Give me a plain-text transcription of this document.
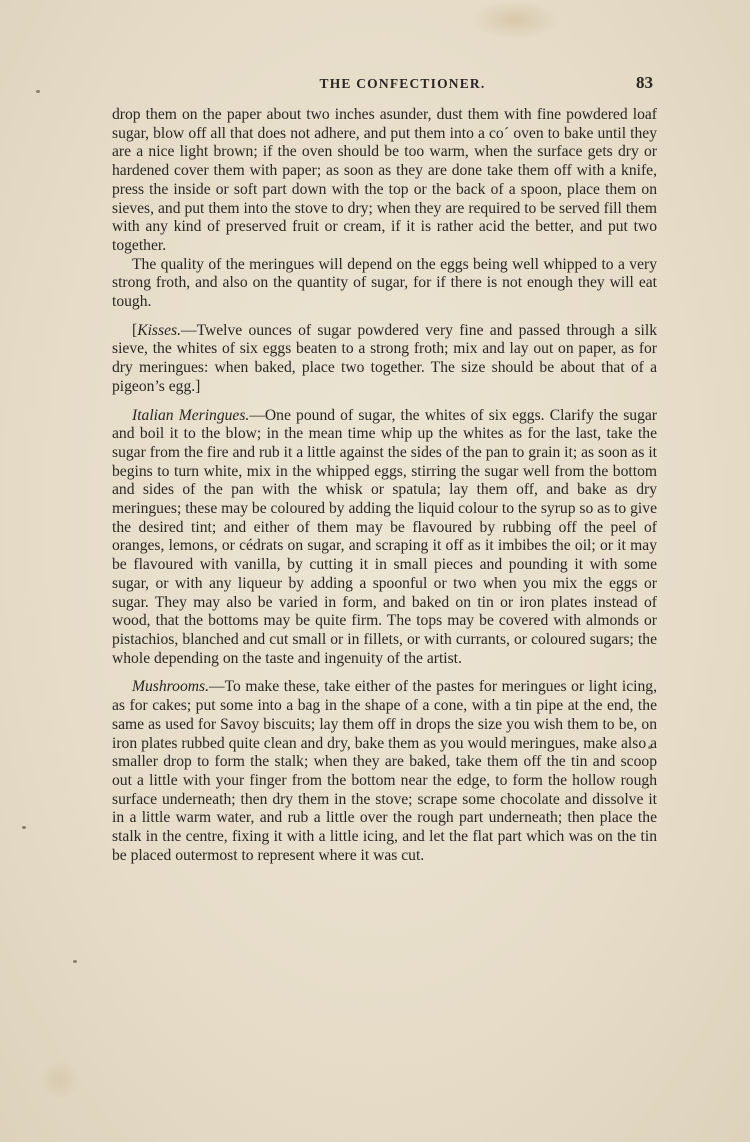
THE CONFECTIONER.	83

drop them on the paper about two inches asunder, dust them with fine powdered loaf sugar, blow off all that does not adhere, and put them into a coˊ oven to bake until they are a nice light brown; if the oven should be too warm, when the surface gets dry or hardened cover them with paper; as soon as they are done take them off with a knife, press the inside or soft part down with the top or the back of a spoon, place them on sieves, and put them into the stove to dry; when they are required to be served fill them with any kind of preserved fruit or cream, if it is rather acid the better, and put two together.

The quality of the meringues will depend on the eggs being well whipped to a very strong froth, and also on the quantity of sugar, for if there is not enough they will eat tough.

[Kisses.—Twelve ounces of sugar powdered very fine and passed through a silk sieve, the whites of six eggs beaten to a strong froth; mix and lay out on paper, as for dry meringues: when baked, place two together. The size should be about that of a pigeon’s egg.]

Italian Meringues.—One pound of sugar, the whites of six eggs. Clarify the sugar and boil it to the blow; in the mean time whip up the whites as for the last, take the sugar from the fire and rub it a little against the sides of the pan to grain it; as soon as it begins to turn white, mix in the whipped eggs, stirring the sugar well from the bottom and sides of the pan with the whisk or spatula; lay them off, and bake as dry meringues; these may be coloured by adding the liquid colour to the syrup so as to give the desired tint; and either of them may be flavoured by rubbing off the peel of oranges, lemons, or cédrats on sugar, and scraping it off as it imbibes the oil; or it may be flavoured with vanilla, by cutting it in small pieces and pounding it with some sugar, or with any liqueur by adding a spoonful or two when you mix the eggs or sugar. They may also be varied in form, and baked on tin or iron plates instead of wood, that the bottoms may be quite firm. The tops may be covered with almonds or pistachios, blanched and cut small or in fillets, or with currants, or coloured sugars; the whole depending on the taste and ingenuity of the artist.

Mushrooms.—To make these, take either of the pastes for meringues or light icing, as for cakes; put some into a bag in the shape of a cone, with a tin pipe at the end, the same as used for Savoy biscuits; lay them off in drops the size you wish them to be, on iron plates rubbed quite clean and dry, bake them as you would meringues, make also a smaller drop to form the stalk; when they are baked, take them off the tin and scoop out a little with your finger from the bottom near the edge, to form the hollow rough surface underneath; then dry them in the stove; scrape some chocolate and dissolve it in a little warm water, and rub a little over the rough part underneath; then place the stalk in the centre, fixing it with a little icing, and let the flat part which was on the tin be placed outermost to represent where it was cut.
